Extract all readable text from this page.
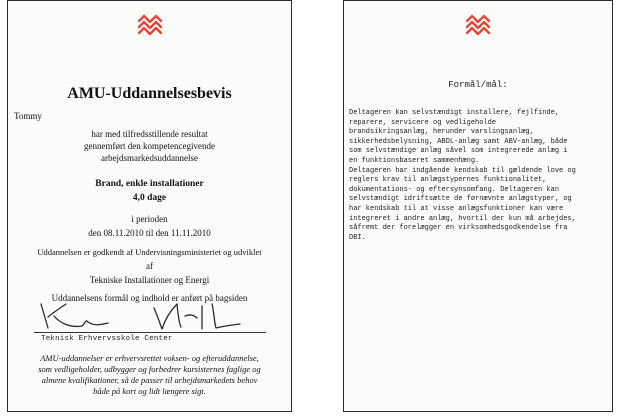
AMU-Uddannelsesbevis
Tommy
har med tilfredsstillende resultat
gennemført den kompetencegivende
arbejdsmarkedsuddannelse
Brand, enkle installationer
4,0 dage
i perioden
den 08.11.2010 til den 11.11.2010
Uddannelsen er godkendt af Undervisningsministeriet og udviklet
af
Tekniske Installationer og Energi
Uddannelsens formål og indhold er anført på bagsiden
Teknisk Erhvervsskole Center
AMU-uddannelser er erhvervsrettet voksen- og efteruddannelse,
som vedligeholder, udbygger og forbedrer kursisternes faglige og
almene kvalifikationer, så de passer til arbejdsmarkedets behov
både på kort og lidt længere sigt.
Formål/mål:
Deltageren kan selvstændigt installere, fejlfinde,
reparere, servicere og vedligeholde
brandsikringsanlæg, herunder varslingsanlæg,
sikkerhedsbelysning, ABDL-anlæg samt ABV-anlæg, både
som selvstændige anlæg såvel som integrerede anlæg i
en funktionsbaseret sammenhæng.
Deltageren har indgående kendskab til gældende love og
reglers krav til anlægstypernes funktionalitet,
dokumentations- og eftersynsomfang. Deltageren kan
selvstændigt idriftsætte de førnævnte anlægstyper, og
har kendskab til at visse anlægsfunktioner kan være
integreret i andre anlæg, hvortil der kun må arbejdes,
såfremt der forelægger en virksomhedsgodkendelse fra
DBI.
